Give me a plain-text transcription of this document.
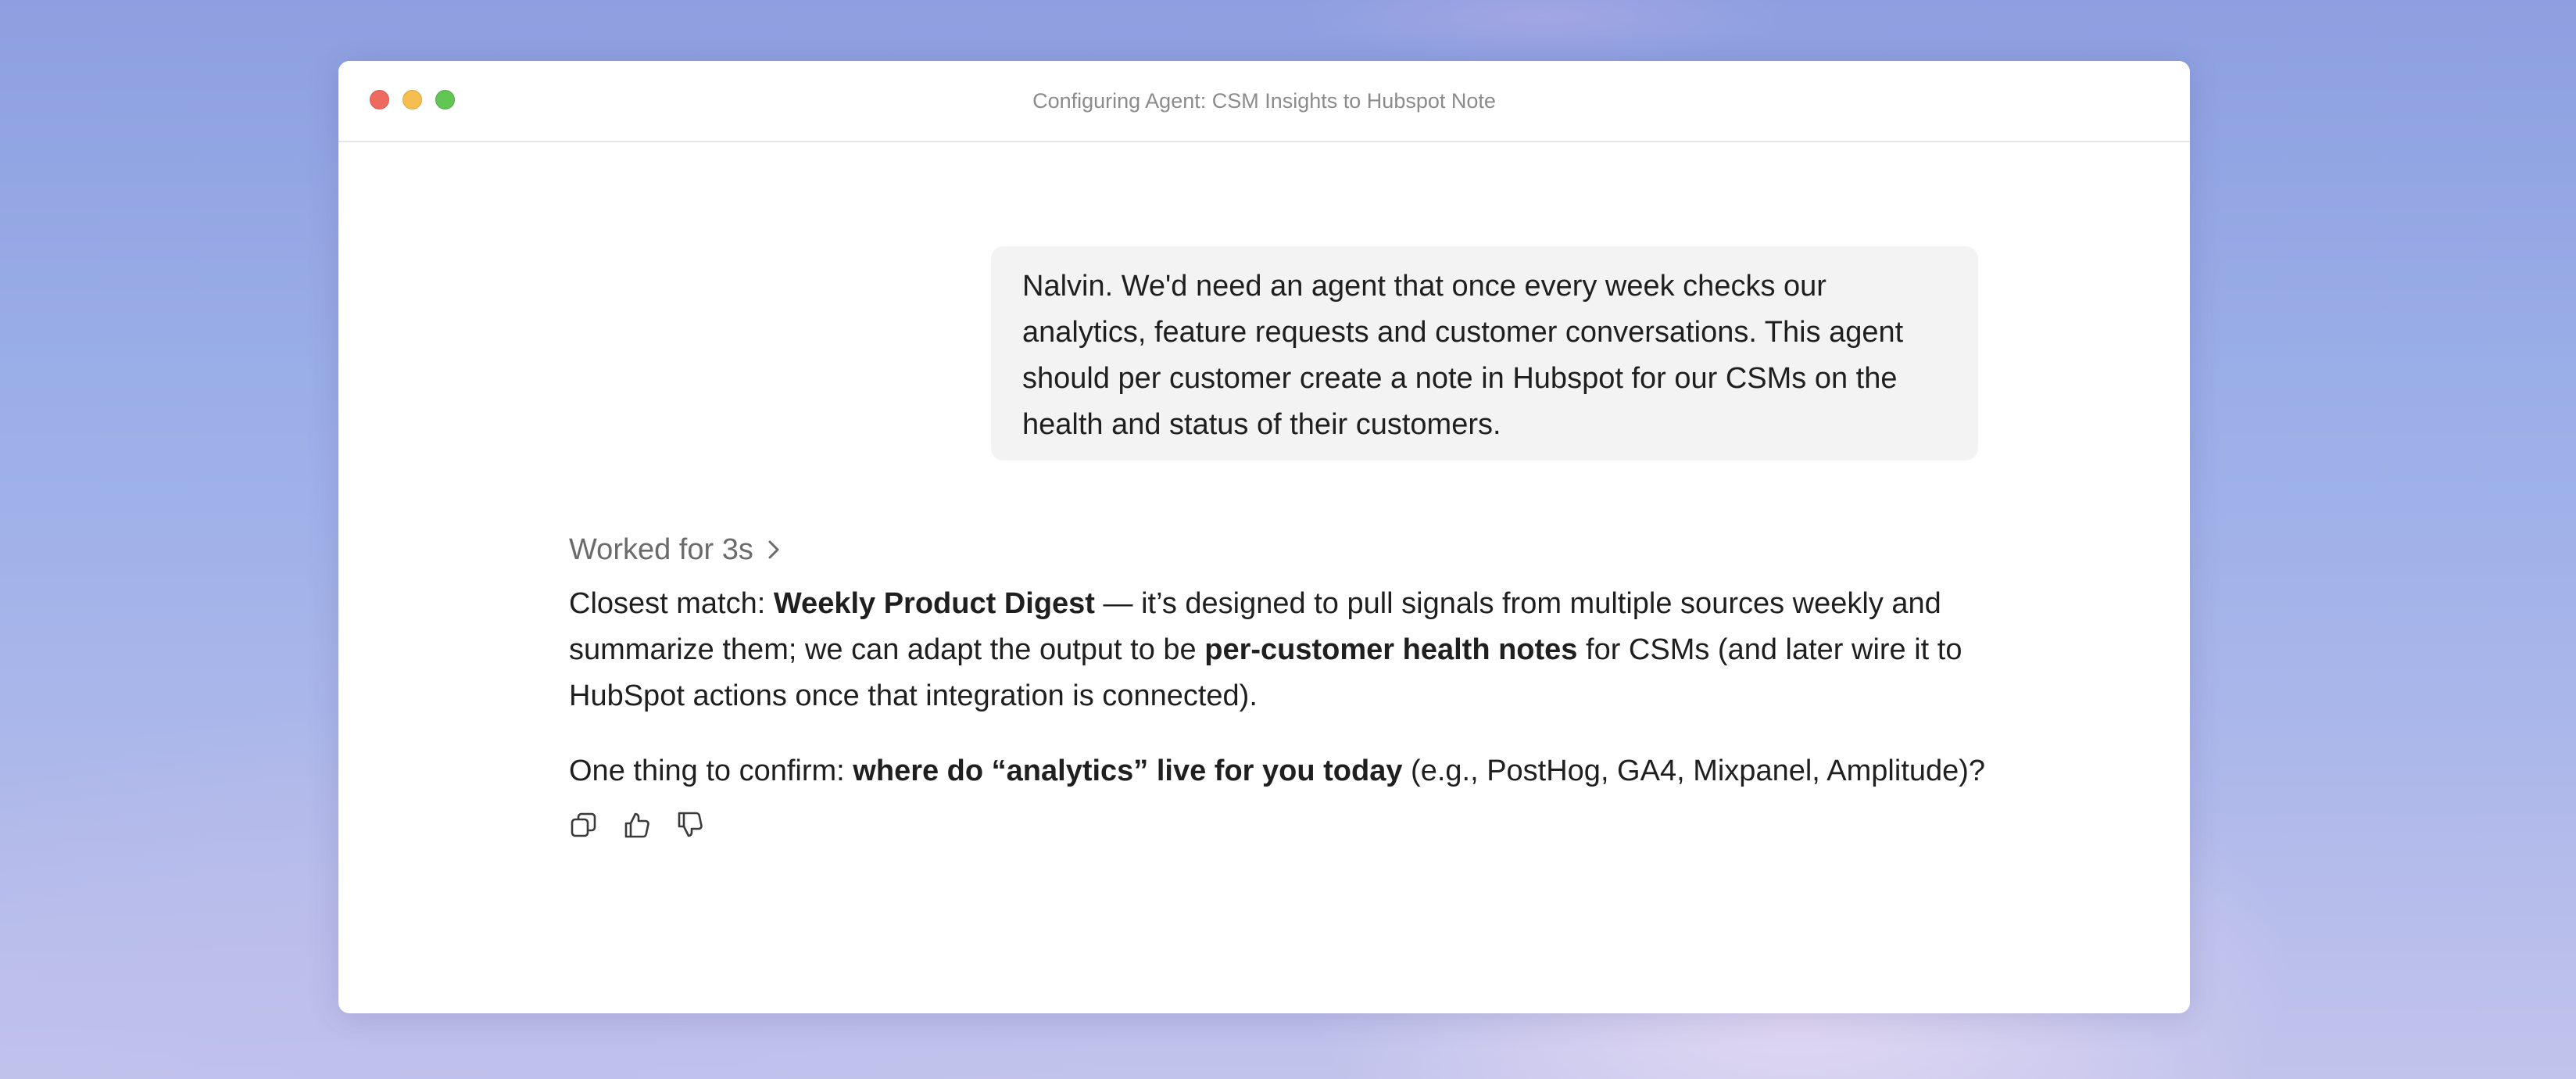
Configuring Agent: CSM Insights to Hubspot Note
Nalvin. We'd need an agent that once every week checks our analytics, feature requests and customer conversations. This agent should per customer create a note in Hubspot for our CSMs on the health and status of their customers.
Worked for 3s

Closest match: Weekly Product Digest — it’s designed to pull signals from multiple sources weekly and summarize them; we can adapt the output to be per-customer health notes for CSMs (and later wire it to HubSpot actions once that integration is connected).

One thing to confirm: where do “analytics” live for you today (e.g., PostHog, GA4, Mixpanel, Amplitude)?
